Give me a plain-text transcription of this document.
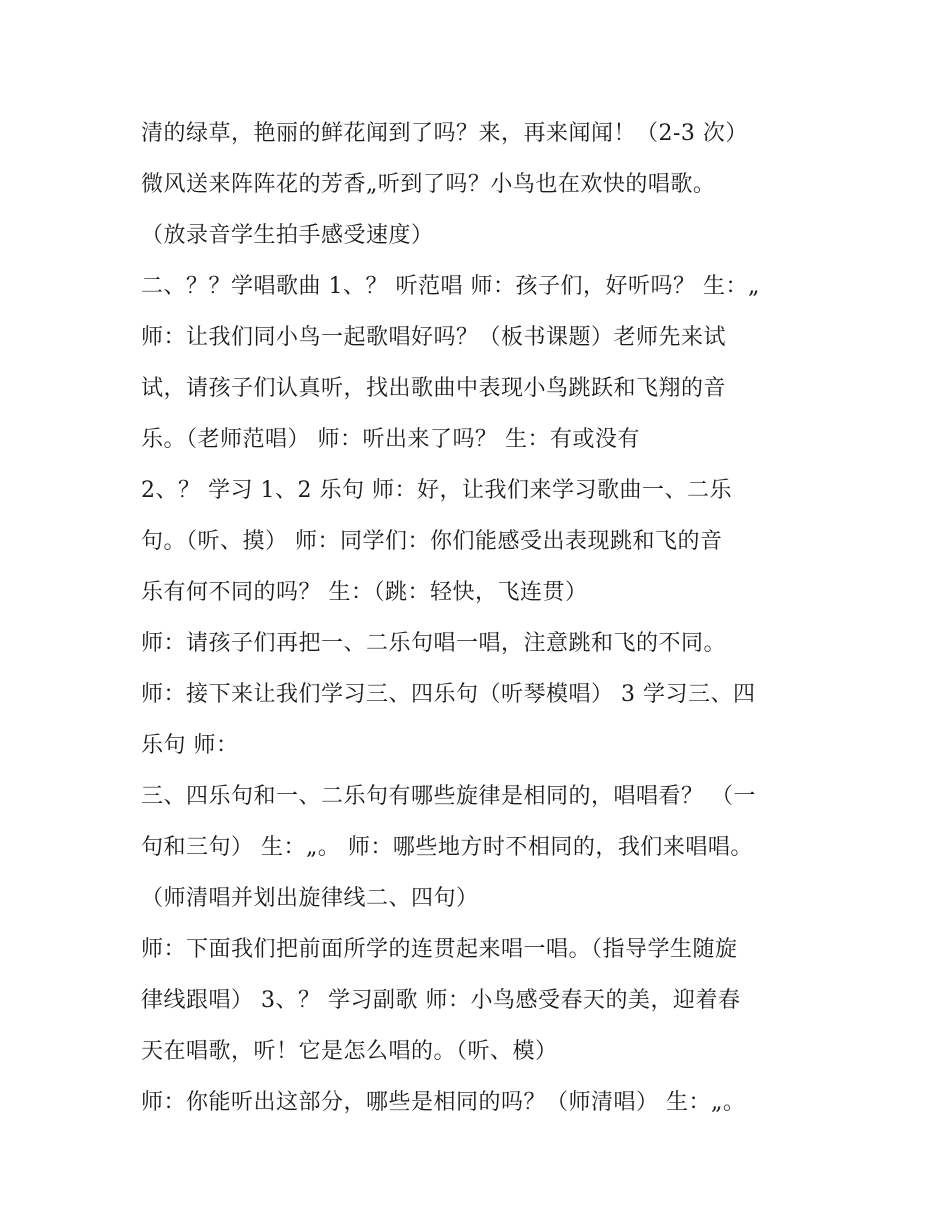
清的绿草，艳丽的鲜花闻到了吗？来，再来闻闻！（2-3 次）
微风送来阵阵花的芳香„听到了吗？小鸟也在欢快的唱歌。
（放录音学生拍手感受速度）
二、？？学唱歌曲 1、？ 听范唱 师：孩子们，好听吗？ 生：„
师：让我们同小鸟一起歌唱好吗？（板书课题）老师先来试
试，请孩子们认真听，找出歌曲中表现小鸟跳跃和飞翔的音
乐。（老师范唱） 师：听出来了吗？ 生：有或没有
2、？ 学习 1、2 乐句 师：好，让我们来学习歌曲一、二乐
句。（听、摸） 师：同学们：你们能感受出表现跳和飞的音
乐有何不同的吗？ 生：（跳：轻快，飞连贯）
师：请孩子们再把一、二乐句唱一唱，注意跳和飞的不同。
师：接下来让我们学习三、四乐句（听琴模唱） 3 学习三、四
乐句 师：
三、四乐句和一、二乐句有哪些旋律是相同的，唱唱看？ （一
句和三句） 生：„。 师：哪些地方时不相同的，我们来唱唱。
（师清唱并划出旋律线二、四句）
师：下面我们把前面所学的连贯起来唱一唱。（指导学生随旋
律线跟唱） 3、？ 学习副歌 师：小鸟感受春天的美，迎着春
天在唱歌，听！它是怎么唱的。（听、模）
师：你能听出这部分，哪些是相同的吗？（师清唱） 生：„。
